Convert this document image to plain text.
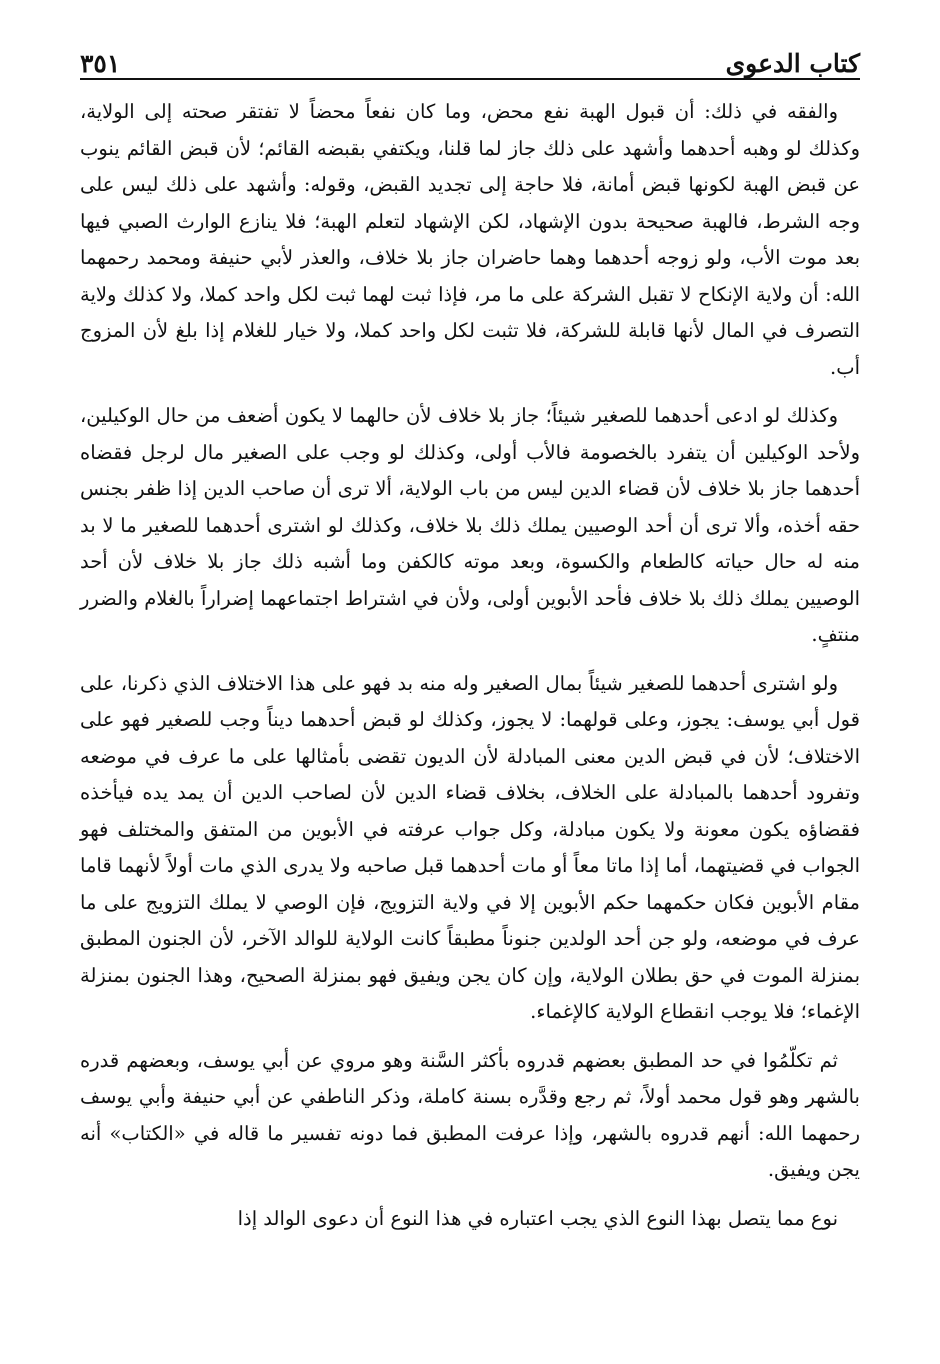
كتاب الدعوى
٣٥١

والفقه في ذلك: أن قبول الهبة نفع محض، وما كان نفعاً محضاً لا تفتقر صحته إلى الولاية، وكذلك لو وهبه أحدهما وأشهد على ذلك جاز لما قلنا، ويكتفي بقبضه القائم؛ لأن قبض القائم ينوب عن قبض الهبة لكونها قبض أمانة، فلا حاجة إلى تجديد القبض، وقوله: وأشهد على ذلك ليس على وجه الشرط، فالهبة صحيحة بدون الإشهاد، لكن الإشهاد لتعلم الهبة؛ فلا ينازع الوارث الصبي فيها بعد موت الأب، ولو زوجه أحدهما وهما حاضران جاز بلا خلاف، والعذر لأبي حنيفة ومحمد رحمهما الله: أن ولاية الإنكاح لا تقبل الشركة على ما مر، فإذا ثبت لهما ثبت لكل واحد كملا، ولا كذلك ولاية التصرف في المال لأنها قابلة للشركة، فلا تثبت لكل واحد كملا، ولا خيار للغلام إذا بلغ لأن المزوج أب.

وكذلك لو ادعى أحدهما للصغير شيئاً؛ جاز بلا خلاف لأن حالهما لا يكون أضعف من حال الوكيلين، ولأحد الوكيلين أن يتفرد بالخصومة فالأب أولى، وكذلك لو وجب على الصغير مال لرجل فقضاه أحدهما جاز بلا خلاف لأن قضاء الدين ليس من باب الولاية، ألا ترى أن صاحب الدين إذا ظفر بجنس حقه أخذه، وألا ترى أن أحد الوصيين يملك ذلك بلا خلاف، وكذلك لو اشترى أحدهما للصغير ما لا بد منه له حال حياته كالطعام والكسوة، وبعد موته كالكفن وما أشبه ذلك جاز بلا خلاف لأن أحد الوصيين يملك ذلك بلا خلاف فأحد الأبوين أولى، ولأن في اشتراط اجتماعهما إضراراً بالغلام والضرر منتفٍ.

ولو اشترى أحدهما للصغير شيئاً بمال الصغير وله منه بد فهو على هذا الاختلاف الذي ذكرنا، على قول أبي يوسف: يجوز، وعلى قولهما: لا يجوز، وكذلك لو قبض أحدهما ديناً وجب للصغير فهو على الاختلاف؛ لأن في قبض الدين معنى المبادلة لأن الديون تقضى بأمثالها على ما عرف في موضعه وتفرود أحدهما بالمبادلة على الخلاف، بخلاف قضاء الدين لأن لصاحب الدين أن يمد يده فيأخذه فقضاؤه يكون معونة ولا يكون مبادلة، وكل جواب عرفته في الأبوين من المتفق والمختلف فهو الجواب في قضيتهما، أما إذا ماتا معاً أو مات أحدهما قبل صاحبه ولا يدرى الذي مات أولاً لأنهما قاما مقام الأبوين فكان حكمهما حكم الأبوين إلا في ولاية التزويج، فإن الوصي لا يملك التزويج على ما عرف في موضعه، ولو جن أحد الولدين جنوناً مطبقاً كانت الولاية للوالد الآخر، لأن الجنون المطبق بمنزلة الموت في حق بطلان الولاية، وإن كان يجن ويفيق فهو بمنزلة الصحيح، وهذا الجنون بمنزلة الإغماء؛ فلا يوجب انقطاع الولاية كالإغماء.

ثم تكلّمُوا في حد المطبق بعضهم قدروه بأكثر السَّنة وهو مروي عن أبي يوسف، وبعضهم قدره بالشهر وهو قول محمد أولاً، ثم رجع وقدَّره بسنة كاملة، وذكر الناطفي عن أبي حنيفة وأبي يوسف رحمهما الله: أنهم قدروه بالشهر، وإذا عرفت المطبق فما دونه تفسير ما قاله في «الكتاب» أنه يجن ويفيق.

نوع مما يتصل بهذا النوع الذي يجب اعتباره في هذا النوع أن دعوى الوالد إذا
